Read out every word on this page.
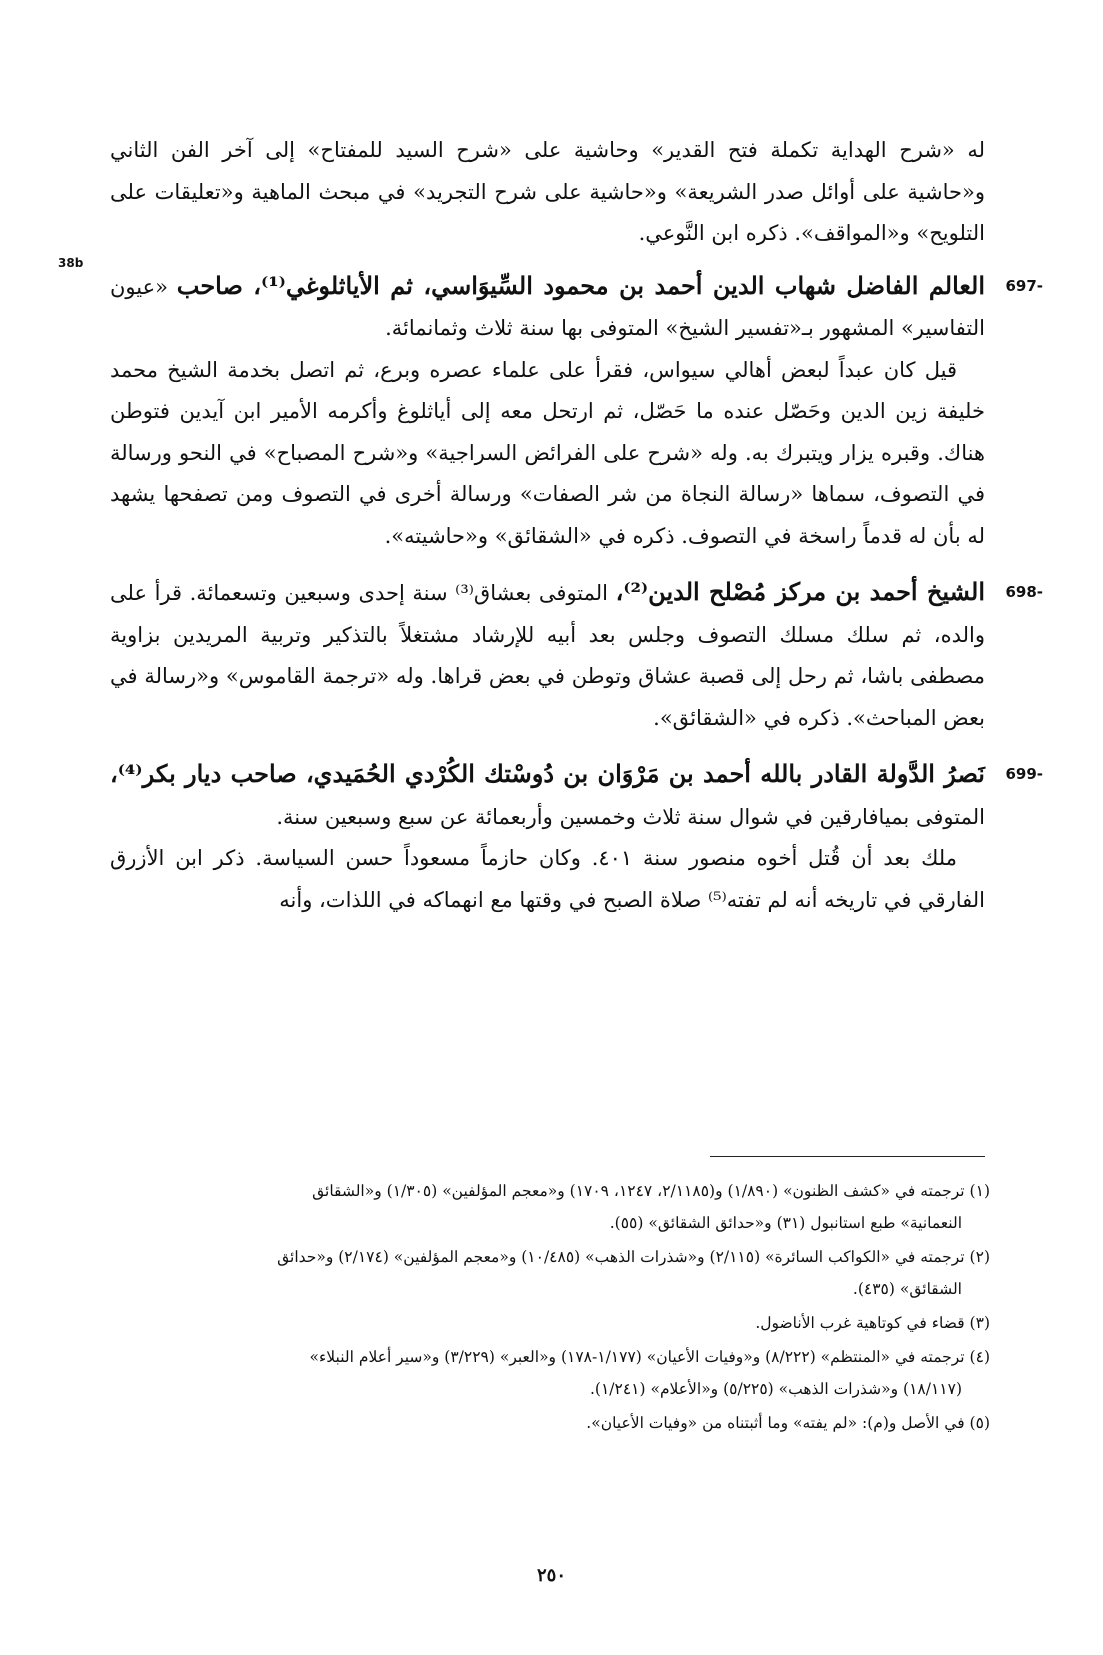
38b

له «شرح الهداية تكملة فتح القدير» وحاشية على «شرح السيد للمفتاح» إلى آخر الفن الثاني و«حاشية على أوائل صدر الشريعة» و«حاشية على شرح التجريد» في مبحث الماهية و«تعليقات على التلويح» و«المواقف». ذكره ابن النَّوعي.

697-

العالم الفاضل شهاب الدين أحمد بن محمود السِّيوَاسي، ثم الأياثلوغي⁽¹⁾، صاحب «عيون التفاسير» المشهور بـ«تفسير الشيخ» المتوفى بها سنة ثلاث وثمانمائة.

قيل كان عبداً لبعض أهالي سيواس، فقرأ على علماء عصره وبرع، ثم اتصل بخدمة الشيخ محمد خليفة زين الدين وحَصّل عنده ما حَصّل، ثم ارتحل معه إلى أياثلوغ وأكرمه الأمير ابن آيدين فتوطن هناك. وقبره يزار ويتبرك به. وله «شرح على الفرائض السراجية» و«شرح المصباح» في النحو ورسالة في التصوف، سماها «رسالة النجاة من شر الصفات» ورسالة أخرى في التصوف ومن تصفحها يشهد له بأن له قدماً راسخة في التصوف. ذكره في «الشقائق» و«حاشيته».

698-

الشيخ أحمد بن مركز مُصْلح الدين⁽²⁾، المتوفى بعشاق⁽³⁾ سنة إحدى وسبعين وتسعمائة. قرأ على والده، ثم سلك مسلك التصوف وجلس بعد أبيه للإرشاد مشتغلاً بالتذكير وتربية المريدين بزاوية مصطفى باشا، ثم رحل إلى قصبة عشاق وتوطن في بعض قراها. وله «ترجمة القاموس» و«رسالة في بعض المباحث». ذكره في «الشقائق».

699-

نَصرُ الدَّولة القادر بالله أحمد بن مَرْوَان بن دُوسْتك الكُرْدي الحُمَيدي، صاحب ديار بكر⁽⁴⁾، المتوفى بميافارقين في شوال سنة ثلاث وخمسين وأربعمائة عن سبع وسبعين سنة.

ملك بعد أن قُتل أخوه منصور سنة ٤٠١. وكان حازماً مسعوداً حسن السياسة. ذكر ابن الأزرق الفارقي في تاريخه أنه لم تفته⁽⁵⁾ صلاة الصبح في وقتها مع انهماكه في اللذات، وأنه

(١) ترجمته في «كشف الظنون» (١/٨٩٠) و(٢/١١٨٥، ١٢٤٧، ١٧٠٩) و«معجم المؤلفين» (١/٣٠٥) و«الشقائق
النعمانية» طبع استانبول (٣١) و«حدائق الشقائق» (٥٥).

(٢) ترجمته في «الكواكب السائرة» (٢/١١٥) و«شذرات الذهب» (١٠/٤٨٥) و«معجم المؤلفين» (٢/١٧٤) و«حدائق
الشقائق» (٤٣٥).

(٣) قضاء في كوتاهية غرب الأناضول.

(٤) ترجمته في «المنتظم» (٨/٢٢٢) و«وفيات الأعيان» (١/١٧٧-١٧٨) و«العبر» (٣/٢٢٩) و«سير أعلام النبلاء»
(١٨/١١٧) و«شذرات الذهب» (٥/٢٢٥) و«الأعلام» (١/٢٤١).

(٥) في الأصل و(م): «لم يفته» وما أثبتناه من «وفيات الأعيان».

٢٥٠
